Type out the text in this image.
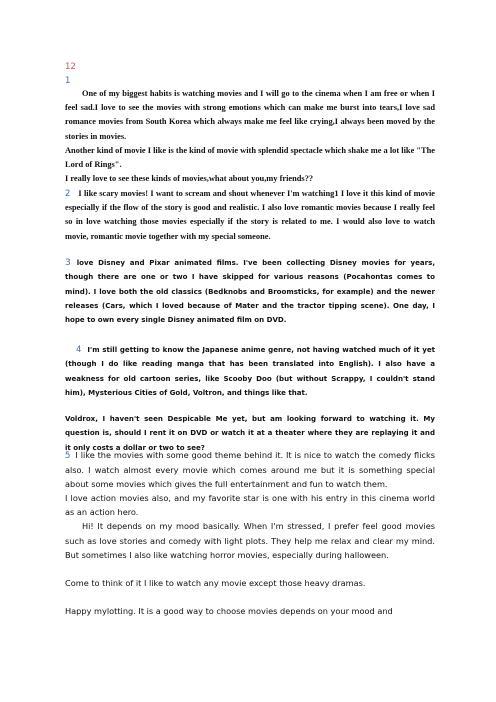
12
1

One of my biggest habits is watching movies and I will go to the cinema when I am free or when I feel sad.I love to see the movies with strong emotions which can make me burst into tears,I love sad romance movies from South Korea which always make me feel like crying,I always been moved by the stories in movies.

Another kind of movie I like is the kind of movie with splendid spectacle which shake me a lot like "The Lord of Rings".

I really love to see these kinds of movies,what about you,my friends??

2 I like scary movies! I want to scream and shout whenever I'm watching1 I love it this kind of movie especially if the flow of the story is good and realistic. I also love romantic movies because I really feel so in love watching those movies especially if the story is related to me. I would also love to watch movie, romantic movie together with my special someone.

3 love Disney and Pixar animated films. I've been collecting Disney movies for years, though there are one or two I have skipped for various reasons (Pocahontas comes to mind). I love both the old classics (Bedknobs and Broomsticks, for example) and the newer releases (Cars, which I loved because of Mater and the tractor tipping scene). One day, I hope to own every single Disney animated film on DVD.

4 I'm still getting to know the Japanese anime genre, not having watched much of it yet (though I do like reading manga that has been translated into English). I also have a weakness for old cartoon series, like Scooby Doo (but without Scrappy, I couldn't stand him), Mysterious Cities of Gold, Voltron, and things like that.

Voldrox, I haven't seen Despicable Me yet, but am looking forward to watching it. My question is, should I rent it on DVD or watch it at a theater where they are replaying it and it only costs a dollar or two to see?

5 I like the movies with some good theme behind it. It is nice to watch the comedy flicks also. I watch almost every movie which comes around me but it is something special about some movies which gives the full entertainment and fun to watch them.

I love action movies also, and my favorite star is one with his entry in this cinema world as an action hero.

Hi! It depends on my mood basically. When I'm stressed, I prefer feel good movies such as love stories and comedy with light plots. They help me relax and clear my mind. But sometimes I also like watching horror movies, especially during halloween.

Come to think of it I like to watch any movie except those heavy dramas.

Happy mylotting. It is a good way to choose movies depends on your mood and
